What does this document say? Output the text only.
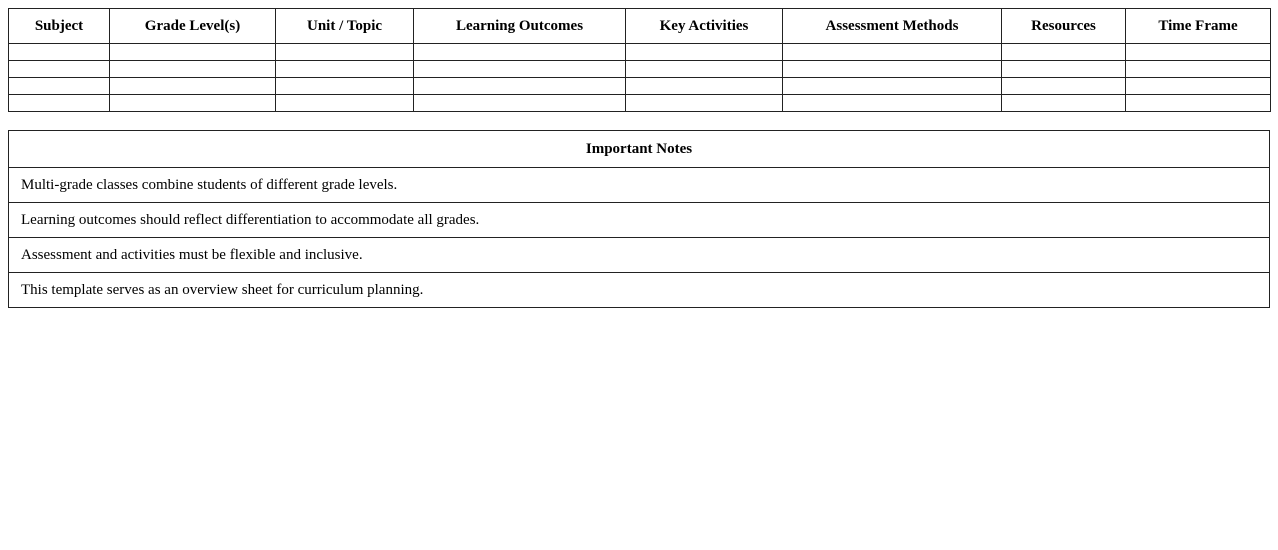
Subject	Grade Level(s)	Unit / Topic	Learning Outcomes	Key Activities	Assessment Methods	Resources	Time Frame

Important Notes
Multi-grade classes combine students of different grade levels.
Learning outcomes should reflect differentiation to accommodate all grades.
Assessment and activities must be flexible and inclusive.
This template serves as an overview sheet for curriculum planning.
